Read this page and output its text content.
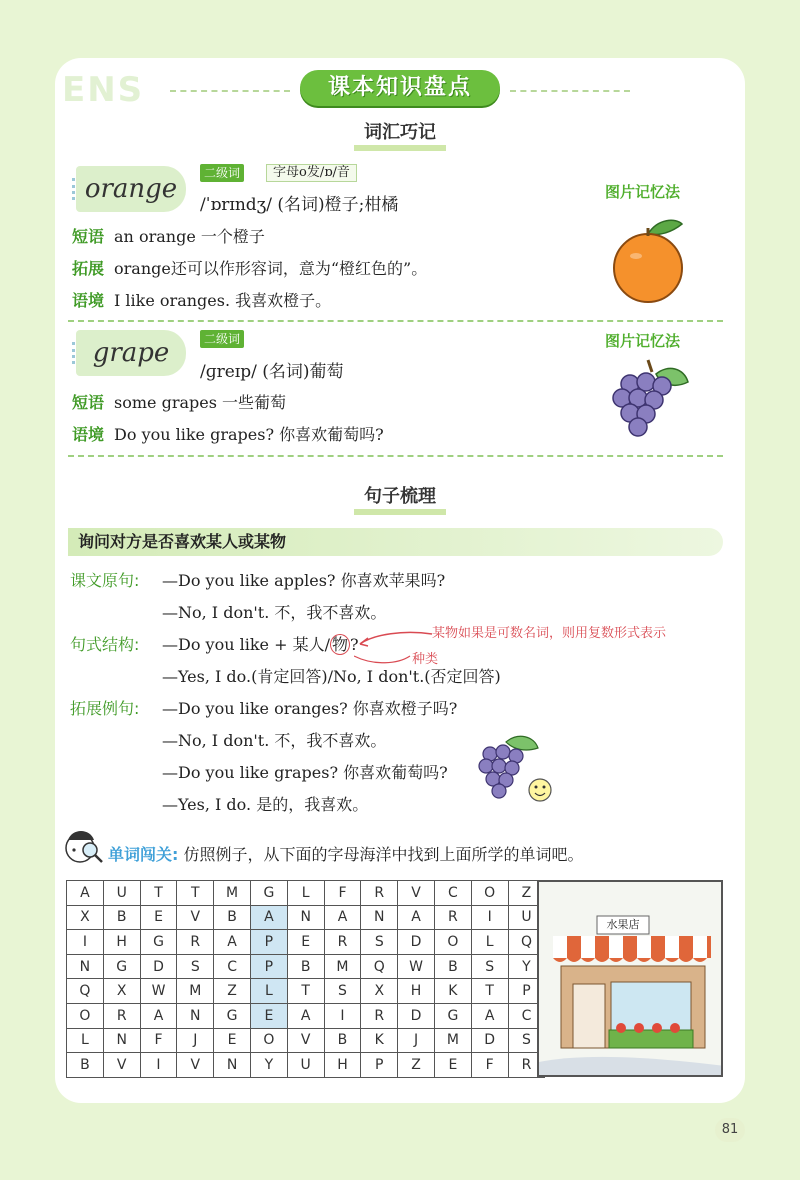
ENS	课本知识盘点
词汇巧记
orange
二级词	字母o发/ɒ/音
/ˈɒrɪndʒ/ (名词)橙子;柑橘
图片记忆法
短语 an orange 一个橙子
拓展 orange还可以作形容词，意为“橙红色的”。
语境 I like oranges. 我喜欢橙子。
grape	二级词
/ɡreɪp/ (名词)葡萄
图片记忆法
短语 some grapes 一些葡萄
语境 Do you like grapes? 你喜欢葡萄吗?
句子梳理
询问对方是否喜欢某人或某物
课文原句: —Do you like apples? 你喜欢苹果吗?
—No, I don't. 不，我不喜欢。
句式结构: —Do you like + 某人/ 物 ?
某物如果是可数名词，则用复数形式表示
种类
—Yes, I do.(肯定回答)/No, I don't.(否定回答)
拓展例句: —Do you like oranges? 你喜欢橙子吗?
—No, I don't. 不，我不喜欢。
—Do you like grapes? 你喜欢葡萄吗?
—Yes, I do. 是的，我喜欢。
单词闯关: 仿照例子，从下面的字母海洋中找到上面所学的单词吧。
A	U	T	T	M	G	L	F	R	V	C	O	Z
X	B	E	V	B	A	N	A	N	A	R	I	U
I	H	G	R	A	P	E	R	S	D	O	L	Q
N	G	D	S	C	P	B	M	Q	W	B	S	Y
Q	X	W	M	Z	L	T	S	X	H	K	T	P
O	R	A	N	G	E	A	I	R	D	G	A	C
L	N	F	J	E	O	V	B	K	J	M	D	S
B	V	I	V	N	Y	U	H	P	Z	E	F	R
水果店
81
